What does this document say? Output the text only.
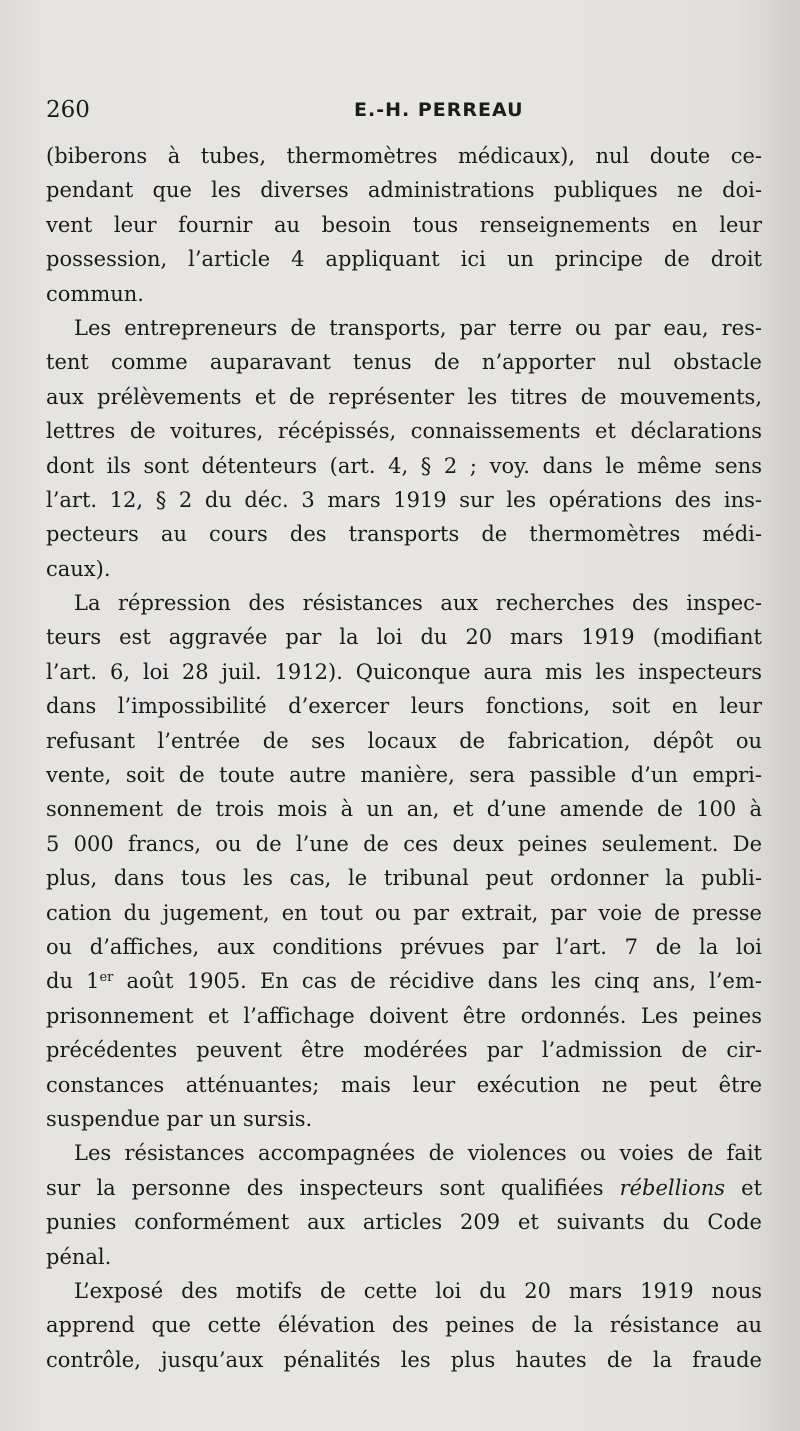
260	E.-H. PERREAU

(biberons à tubes, thermomètres médicaux), nul doute ce-
pendant que les diverses administrations publiques ne doi-
vent leur fournir au besoin tous renseignements en leur
possession, l’article 4 appliquant ici un principe de droit
commun.

Les entrepreneurs de transports, par terre ou par eau, res-
tent comme auparavant tenus de n’apporter nul obstacle
aux prélèvements et de représenter les titres de mouvements,
lettres de voitures, récépissés, connaissements et déclarations
dont ils sont détenteurs (art. 4, § 2 ; voy. dans le même sens
l’art. 12, § 2 du déc. 3 mars 1919 sur les opérations des ins-
pecteurs au cours des transports de thermomètres médi-
caux).

La répression des résistances aux recherches des inspec-
teurs est aggravée par la loi du 20 mars 1919 (modifiant
l’art. 6, loi 28 juil. 1912). Quiconque aura mis les inspecteurs
dans l’impossibilité d’exercer leurs fonctions, soit en leur
refusant l’entrée de ses locaux de fabrication, dépôt ou
vente, soit de toute autre manière, sera passible d’un empri-
sonnement de trois mois à un an, et d’une amende de 100 à
5 000 francs, ou de l’une de ces deux peines seulement. De
plus, dans tous les cas, le tribunal peut ordonner la publi-
cation du jugement, en tout ou par extrait, par voie de presse
ou d’affiches, aux conditions prévues par l’art. 7 de la loi
du 1er août 1905. En cas de récidive dans les cinq ans, l’em-
prisonnement et l’affichage doivent être ordonnés. Les peines
précédentes peuvent être modérées par l’admission de cir-
constances atténuantes; mais leur exécution ne peut être
suspendue par un sursis.

Les résistances accompagnées de violences ou voies de fait
sur la personne des inspecteurs sont qualifiées rébellions et
punies conformément aux articles 209 et suivants du Code
pénal.

L’exposé des motifs de cette loi du 20 mars 1919 nous
apprend que cette élévation des peines de la résistance au
contrôle, jusqu’aux pénalités les plus hautes de la fraude
